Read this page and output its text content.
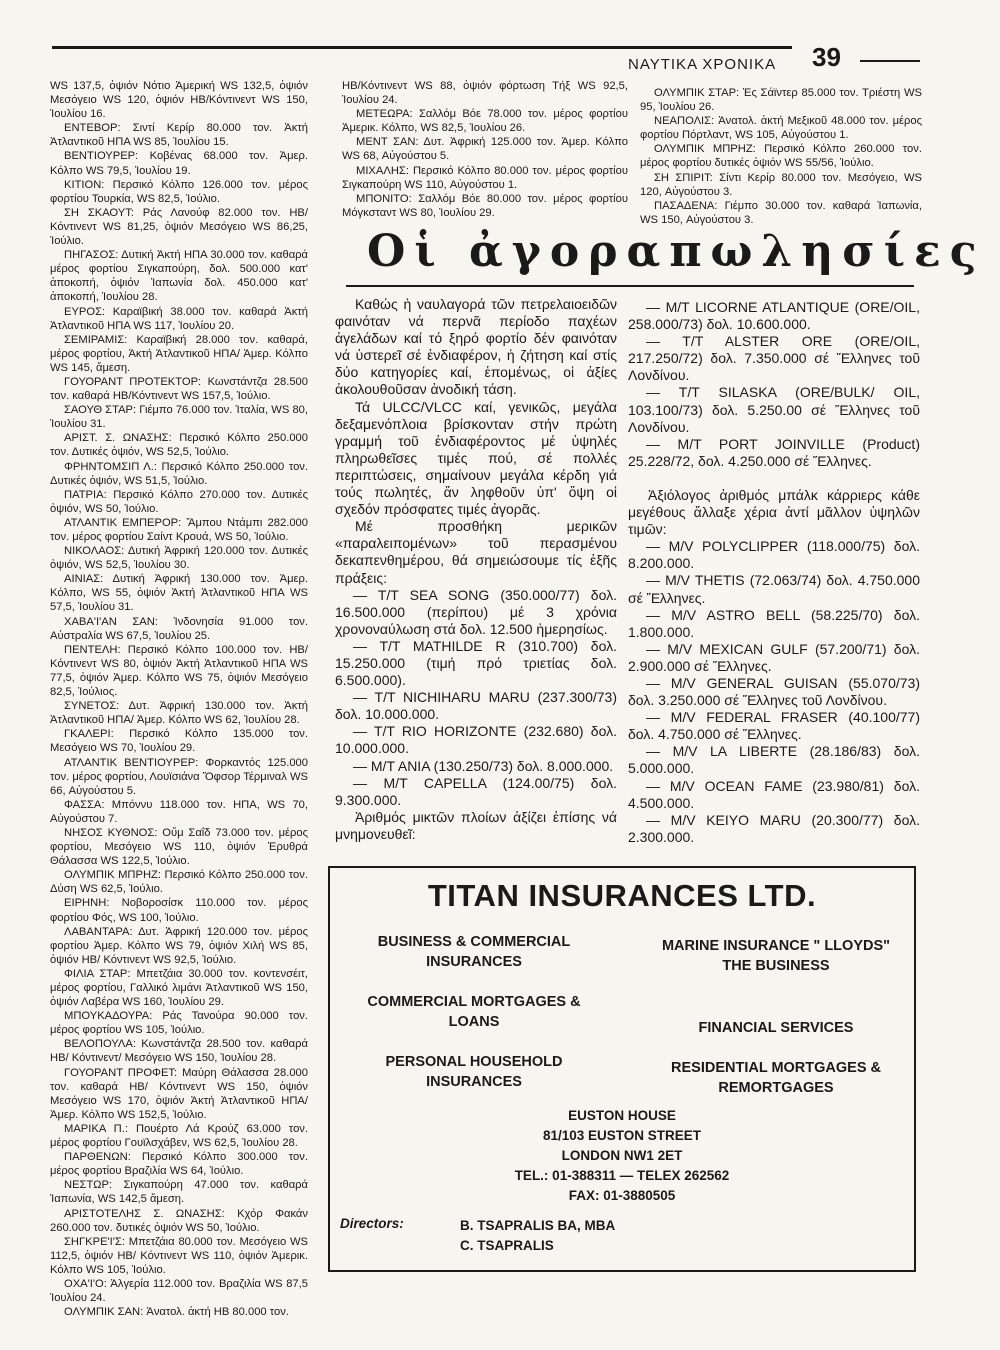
ΝΑΥΤΙΚΑ ΧΡΟΝΙΚΑ 39

WS 137,5, ὀψιόν Νότιο Ἀμερική WS 132,5, ὀψιόν Μεσόγειο WS 120, ὀψιόν ΗΒ/Κόντινεντ WS 150, Ἰουλίου 16.

ΕΝΤΕΒΟΡ: Σιντί Κερίρ 80.000 τον. Ἀκτή Ἀτλαντικοῦ ΗΠΑ WS 85, Ἰουλίου 15.

ΒΕΝΤΙΟΥΡΕΡ: Κοβένας 68.000 τον. Ἀμερ. Κόλπο WS 79,5, Ἰουλίου 19.

ΚΙΤΙΟΝ: Περσικό Κόλπο 126.000 τον. μέρος φορτίου Τουρκία, WS 82,5, Ἰούλιο.

ΣΗ ΣΚΑΟΥΤ: Ράς Λανούφ 82.000 τον. ΗΒ/ Κόντινεντ WS 81,25, ὀψιόν Μεσόγειο WS 86,25, Ἰούλιο.

ΠΗΓΑΣΟΣ: Δυτική Ἀκτή ΗΠΑ 30.000 τον. καθαρά μέρος φορτίου Σιγκαπούρη, δολ. 500.000 κατ' ἀποκοπή, ὀψιόν Ἰαπωνία δολ. 450.000 κατ' ἀποκοπή, Ἰουλίου 28.

ΕΥΡΟΣ: Καραϊβική 38.000 τον. καθαρά Ἀκτή Ἀτλαντικοῦ ΗΠΑ WS 117, Ἰουλίου 20.

ΣΕΜΙΡΑΜΙΣ: Καραϊβική 28.000 τον. καθαρά, μέρος φορτίου, Ἀκτή Ἀτλαντικοῦ ΗΠΑ/ Ἀμερ. Κόλπο WS 145, ἄμεση.

ΓΟΥΟΡΑΝΤ ΠΡΟΤΕΚΤΟΡ: Κωνστάντζα 28.500 τον. καθαρά ΗΒ/Κόντινεντ WS 157,5, Ἰούλιο.

ΣΑΟΥΘ ΣΤΑΡ: Γιέμπο 76.000 τον. Ἰταλία, WS 80, Ἰουλίου 31.

ΑΡΙΣΤ. Σ. ΩΝΑΣΗΣ: Περσικό Κόλπο 250.000 τον. Δυτικές ὀψιόν, WS 52,5, Ἰούλιο.

ΦΡΗΝΤΟΜΣΙΠ Λ.: Περσικό Κόλπο 250.000 τον. Δυτικές ὀψιόν, WS 51,5, Ἰούλιο.

ΠΑΤΡΙΑ: Περσικό Κόλπο 270.000 τον. Δυτικές ὀψιόν, WS 50, Ἰούλιο.

ΑΤΛΑΝΤΙΚ ΕΜΠΕΡΟΡ: Ἄμπου Ντάμπι 282.000 τον. μέρος φορτίου Σαίντ Κρουά, WS 50, Ἰούλιο.

ΝΙΚΟΛΑΟΣ: Δυτική Ἀφρική 120.000 τον. Δυτικές ὀψιόν, WS 52,5, Ἰουλίου 30.

ΑΙΝΙΑΣ: Δυτική Ἀφρική 130.000 τον. Ἀμερ. Κόλπο, WS 55, ὀψιόν Ἀκτή Ἀτλαντικοῦ ΗΠΑ WS 57,5, Ἰουλίου 31.

ΧΑΒΑ'Ι'ΑΝ ΣΑΝ: Ἰνδονησία 91.000 τον. Αὐστραλία WS 67,5, Ἰουλίου 25.

ΠΕΝΤΕΛΗ: Περσικό Κόλπο 100.000 τον. ΗΒ/ Κόντινεντ WS 80, ὀψιόν Ἀκτή Ἀτλαντικοῦ ΗΠΑ WS 77,5, ὀψιόν Ἀμερ. Κόλπο WS 75, ὀψιόν Μεσόγειο 82,5, Ἰούλιος.

ΣΥΝΕΤΟΣ: Δυτ. Ἀφρική 130.000 τον. Ἀκτή Ἀτλαντικοῦ ΗΠΑ/ Ἀμερ. Κόλπο WS 62, Ἰουλίου 28.

ΓΚΑΛΕΡΙ: Περσικό Κόλπο 135.000 τον. Μεσόγειο WS 70, Ἰουλίου 29.

ΑΤΛΑΝΤΙΚ ΒΕΝΤΙΟΥΡΕΡ: Φορκαντός 125.000 τον. μέρος φορτίου, Λουϊσιάνα Ὄφσορ Τέρμιναλ WS 66, Αὐγούστου 5.

ΦΑΣΣΑ: Μπόννυ 118.000 τον. ΗΠΑ, WS 70, Αὐγούστου 7.

ΝΗΣΟΣ ΚΥΘΝΟΣ: Οὔμ Σαΐδ 73.000 τον. μέρος φορτίου, Μεσόγειο WS 110, ὀψιόν Ἐρυθρά Θάλασσα WS 122,5, Ἰούλιο.

ΟΛΥΜΠΙΚ ΜΠΡΗΖ: Περσικό Κόλπο 250.000 τον. Δύση WS 62,5, Ἰούλιο.

ΕΙΡΗΝΗ: Νοβοροσίσκ 110.000 τον. μέρος φορτίου Φός, WS 100, Ἰούλιο.

ΛΑΒΑΝΤΑΡΑ: Δυτ. Ἀφρική 120.000 τον. μέρος φορτίου Ἀμερ. Κόλπο WS 79, ὀψιόν Χιλή WS 85, ὀψιόν ΗΒ/ Κόντινεντ WS 92,5, Ἰούλιο.

ΦΙΛΙΑ ΣΤΑΡ: Μπετζάια 30.000 τον. κοντενσέιτ, μέρος φορτίου, Γαλλικό λιμάνι Ἀτλαντικοῦ WS 150, ὀψιόν Λαβέρα WS 160, Ἰουλίου 29.

ΜΠΟΥΚΑΔΟΥΡΑ: Ράς Τανούρα 90.000 τον. μέρος φορτίου WS 105, Ἰούλιο.

ΒΕΛΟΠΟΥΛΑ: Κωνστάντζα 28.500 τον. καθαρά ΗΒ/ Κόντινεντ/ Μεσόγειο WS 150, Ἰουλίου 28.

ΓΟΥΟΡΑΝΤ ΠΡΟΦΕΤ: Μαύρη Θάλασσα 28.000 τον. καθαρά ΗΒ/ Κόντινεντ WS 150, ὀψιόν Μεσόγειο WS 170, ὀψιόν Ἀκτή Ἀτλαντικοῦ ΗΠΑ/ Ἀμερ. Κόλπο WS 152,5, Ἰούλιο.

ΜΑΡΙΚΑ Π.: Πουέρτο Λά Κρούζ 63.000 τον. μέρος φορτίου Γουϊλσχάβεν, WS 62,5, Ἰουλίου 28.

ΠΑΡΘΕΝΩΝ: Περσικό Κόλπο 300.000 τον. μέρος φορτίου Βραζιλία WS 64, Ἰούλιο.

ΝΕΣΤΩΡ: Σιγκαπούρη 47.000 τον. καθαρά Ἰαπωνία, WS 142,5 ἄμεση.

ΑΡΙΣΤΟΤΕΛΗΣ Σ. ΩΝΑΣΗΣ: Κχόρ Φακάν 260.000 τον. δυτικές ὀψιόν WS 50, Ἰούλιο.

ΣΗΓΚΡΕ'Ι'Σ: Μπετζάια 80.000 τον. Μεσόγειο WS 112,5, ὀψιόν ΗΒ/ Κόντινεντ WS 110, ὀψιόν Ἀμερικ. Κόλπο WS 105, Ἰούλιο.

ΟΧΑ'Ι'Ο: Ἀλγερία 112.000 τον. Βραζιλία WS 87,5 Ἰουλίου 24.

ΟΛΥΜΠΙΚ ΣΑΝ: Ἀνατολ. ἀκτή ΗΒ 80.000 τον.

ΗΒ/Κόντινεντ WS 88, ὀψιόν φόρτωση Τήξ WS 92,5, Ἰουλίου 24.

ΜΕΤΕΩΡΑ: Σαλλόμ Βόε 78.000 τον. μέρος φορτίου Ἀμερικ. Κόλπο, WS 82,5, Ἰουλίου 26.

ΜΕΝΤ ΣΑΝ: Δυτ. Ἀφρική 125.000 τον. Ἀμερ. Κόλπο WS 68, Αὐγούστου 5.

ΜΙΧΑΛΗΣ: Περσικό Κόλπο 80.000 τον. μέρος φορτίου Σιγκαπούρη WS 110, Αὐγούστου 1.

ΜΠΟΝΙΤΟ: Σαλλόμ Βόε 80.000 τον. μέρος φορτίου Μόγκσταντ WS 80, Ἰουλίου 29.

ΟΛΥΜΠΙΚ ΣΤΑΡ: Ἐς Σάϊντερ 85.000 τον. Τριέστη WS 95, Ἰουλίου 26.

ΝΕΑΠΟΛΙΣ: Ἀνατολ. ἀκτή Μεξικοῦ 48.000 τον. μέρος φορτίου Πόρτλαντ, WS 105, Αὐγούστου 1.

ΟΛΥΜΠΙΚ ΜΠΡΗΖ: Περσικό Κόλπο 260.000 τον. μέρος φορτίου δυτικές ὀψιόν WS 55/56, Ἰούλιο.

ΣΗ ΣΠΙΡΙΤ: Σίντι Κερίρ 80.000 τον. Μεσόγειο, WS 120, Αὐγούστου 3.

ΠΑΣΑΔΕΝΑ: Γιέμπο 30.000 τον. καθαρά Ἰαπωνία, WS 150, Αὐγούστου 3.

Οἱ ἀγοραπωλησίες

Καθώς ἡ ναυλαγορά τῶν πετρελαιοειδῶν φαινόταν νά περνᾶ περίοδο παχέων ἀγελάδων καί τό ξηρό φορτίο δέν φαινόταν νά ὑστερεῖ σέ ἐνδιαφέρον, ἡ ζήτηση καί στίς δύο κατηγορίες καί, ἑπομένως, οἱ ἀξίες ἀκολουθοῦσαν ἀνοδική τάση.

Τά ULCC/VLCC καί, γενικῶς, μεγάλα δεξαμενόπλοια βρίσκονταν στήν πρώτη γραμμή τοῦ ἐνδιαφέροντος μέ ὑψηλές πληρωθεῖσες τιμές πού, σέ πολλές περιπτώσεις, σημαίνουν μεγάλα κέρδη γιά τούς πωλητές, ἄν ληφθοῦν ὑπ' ὄψη οἱ σχεδόν πρόσφατες τιμές ἀγορᾶς.

Μέ προσθήκη μερικῶν «παραλειπομένων» τοῦ περασμένου δεκαπενθημέρου, θά σημειώσουμε τίς ἑξῆς πράξεις:

— T/T SEA SONG (350.000/77) δολ. 16.500.000 (περίπου) μέ 3 χρόνια χρονοναύλωση στά δολ. 12.500 ἡμερησίως.

— T/T MATHILDE R (310.700) δολ. 15.250.000 (τιμή πρό τριετίας δολ. 6.500.000).

— T/T NICHIHARU MARU (237.300/73) δολ. 10.000.000.

— T/T RIO HORIZONTE (232.680) δολ. 10.000.000.

— M/T ANIA (130.250/73) δολ. 8.000.000.

— M/T CAPELLA (124.00/75) δολ. 9.300.000.

Ἀριθμός μικτῶν πλοίων ἀξίζει ἐπίσης νά μνημονευθεῖ:

— M/T LICORNE ATLANTIQUE (ORE/OIL, 258.000/73) δολ. 10.600.000.

— T/T ALSTER ORE (ORE/OIL, 217.250/72) δολ. 7.350.000 σέ Ἕλληνες τοῦ Λονδίνου.

— T/T SILASKA (ORE/BULK/ OIL, 103.100/73) δολ. 5.250.00 σέ Ἕλληνες τοῦ Λονδίνου.

— M/T PORT JOINVILLE (Product) 25.228/72, δολ. 4.250.000 σέ Ἕλληνες.

Ἀξιόλογος ἀριθμός μπάλκ κάρριερς κάθε μεγέθους ἄλλαξε χέρια ἀντί μᾶλλον ὑψηλῶν τιμῶν:

— M/V POLYCLIPPER (118.000/75) δολ. 8.200.000.

— M/V THETIS (72.063/74) δολ. 4.750.000 σέ Ἕλληνες.

— M/V ASTRO BELL (58.225/70) δολ. 1.800.000.

— M/V MEXICAN GULF (57.200/71) δολ. 2.900.000 σέ Ἕλληνες.

— M/V GENERAL GUISAN (55.070/73) δολ. 3.250.000 σέ Ἕλληνες τοῦ Λονδίνου.

— M/V FEDERAL FRASER (40.100/77) δολ. 4.750.000 σέ Ἕλληνες.

— M/V LA LIBERTE (28.186/83) δολ. 5.000.000.

— M/V OCEAN FAME (23.980/81) δολ. 4.500.000.

— M/V KEIYO MARU (20.300/77) δολ. 2.300.000.

TITAN INSURANCES LTD.
BUSINESS & COMMERCIAL INSURANCES
COMMERCIAL MORTGAGES & LOANS
PERSONAL HOUSEHOLD INSURANCES
MARINE INSURANCE " LLOYDS" THE BUSINESS
FINANCIAL SERVICES
RESIDENTIAL MORTGAGES & REMORTGAGES
EUSTON HOUSE
81/103 EUSTON STREET
LONDON NW1 2ET
TEL.: 01-388311 — TELEX 262562
FAX: 01-3880505
Directors:	B. TSAPRALIS BA, MBA
C. TSAPRALIS
